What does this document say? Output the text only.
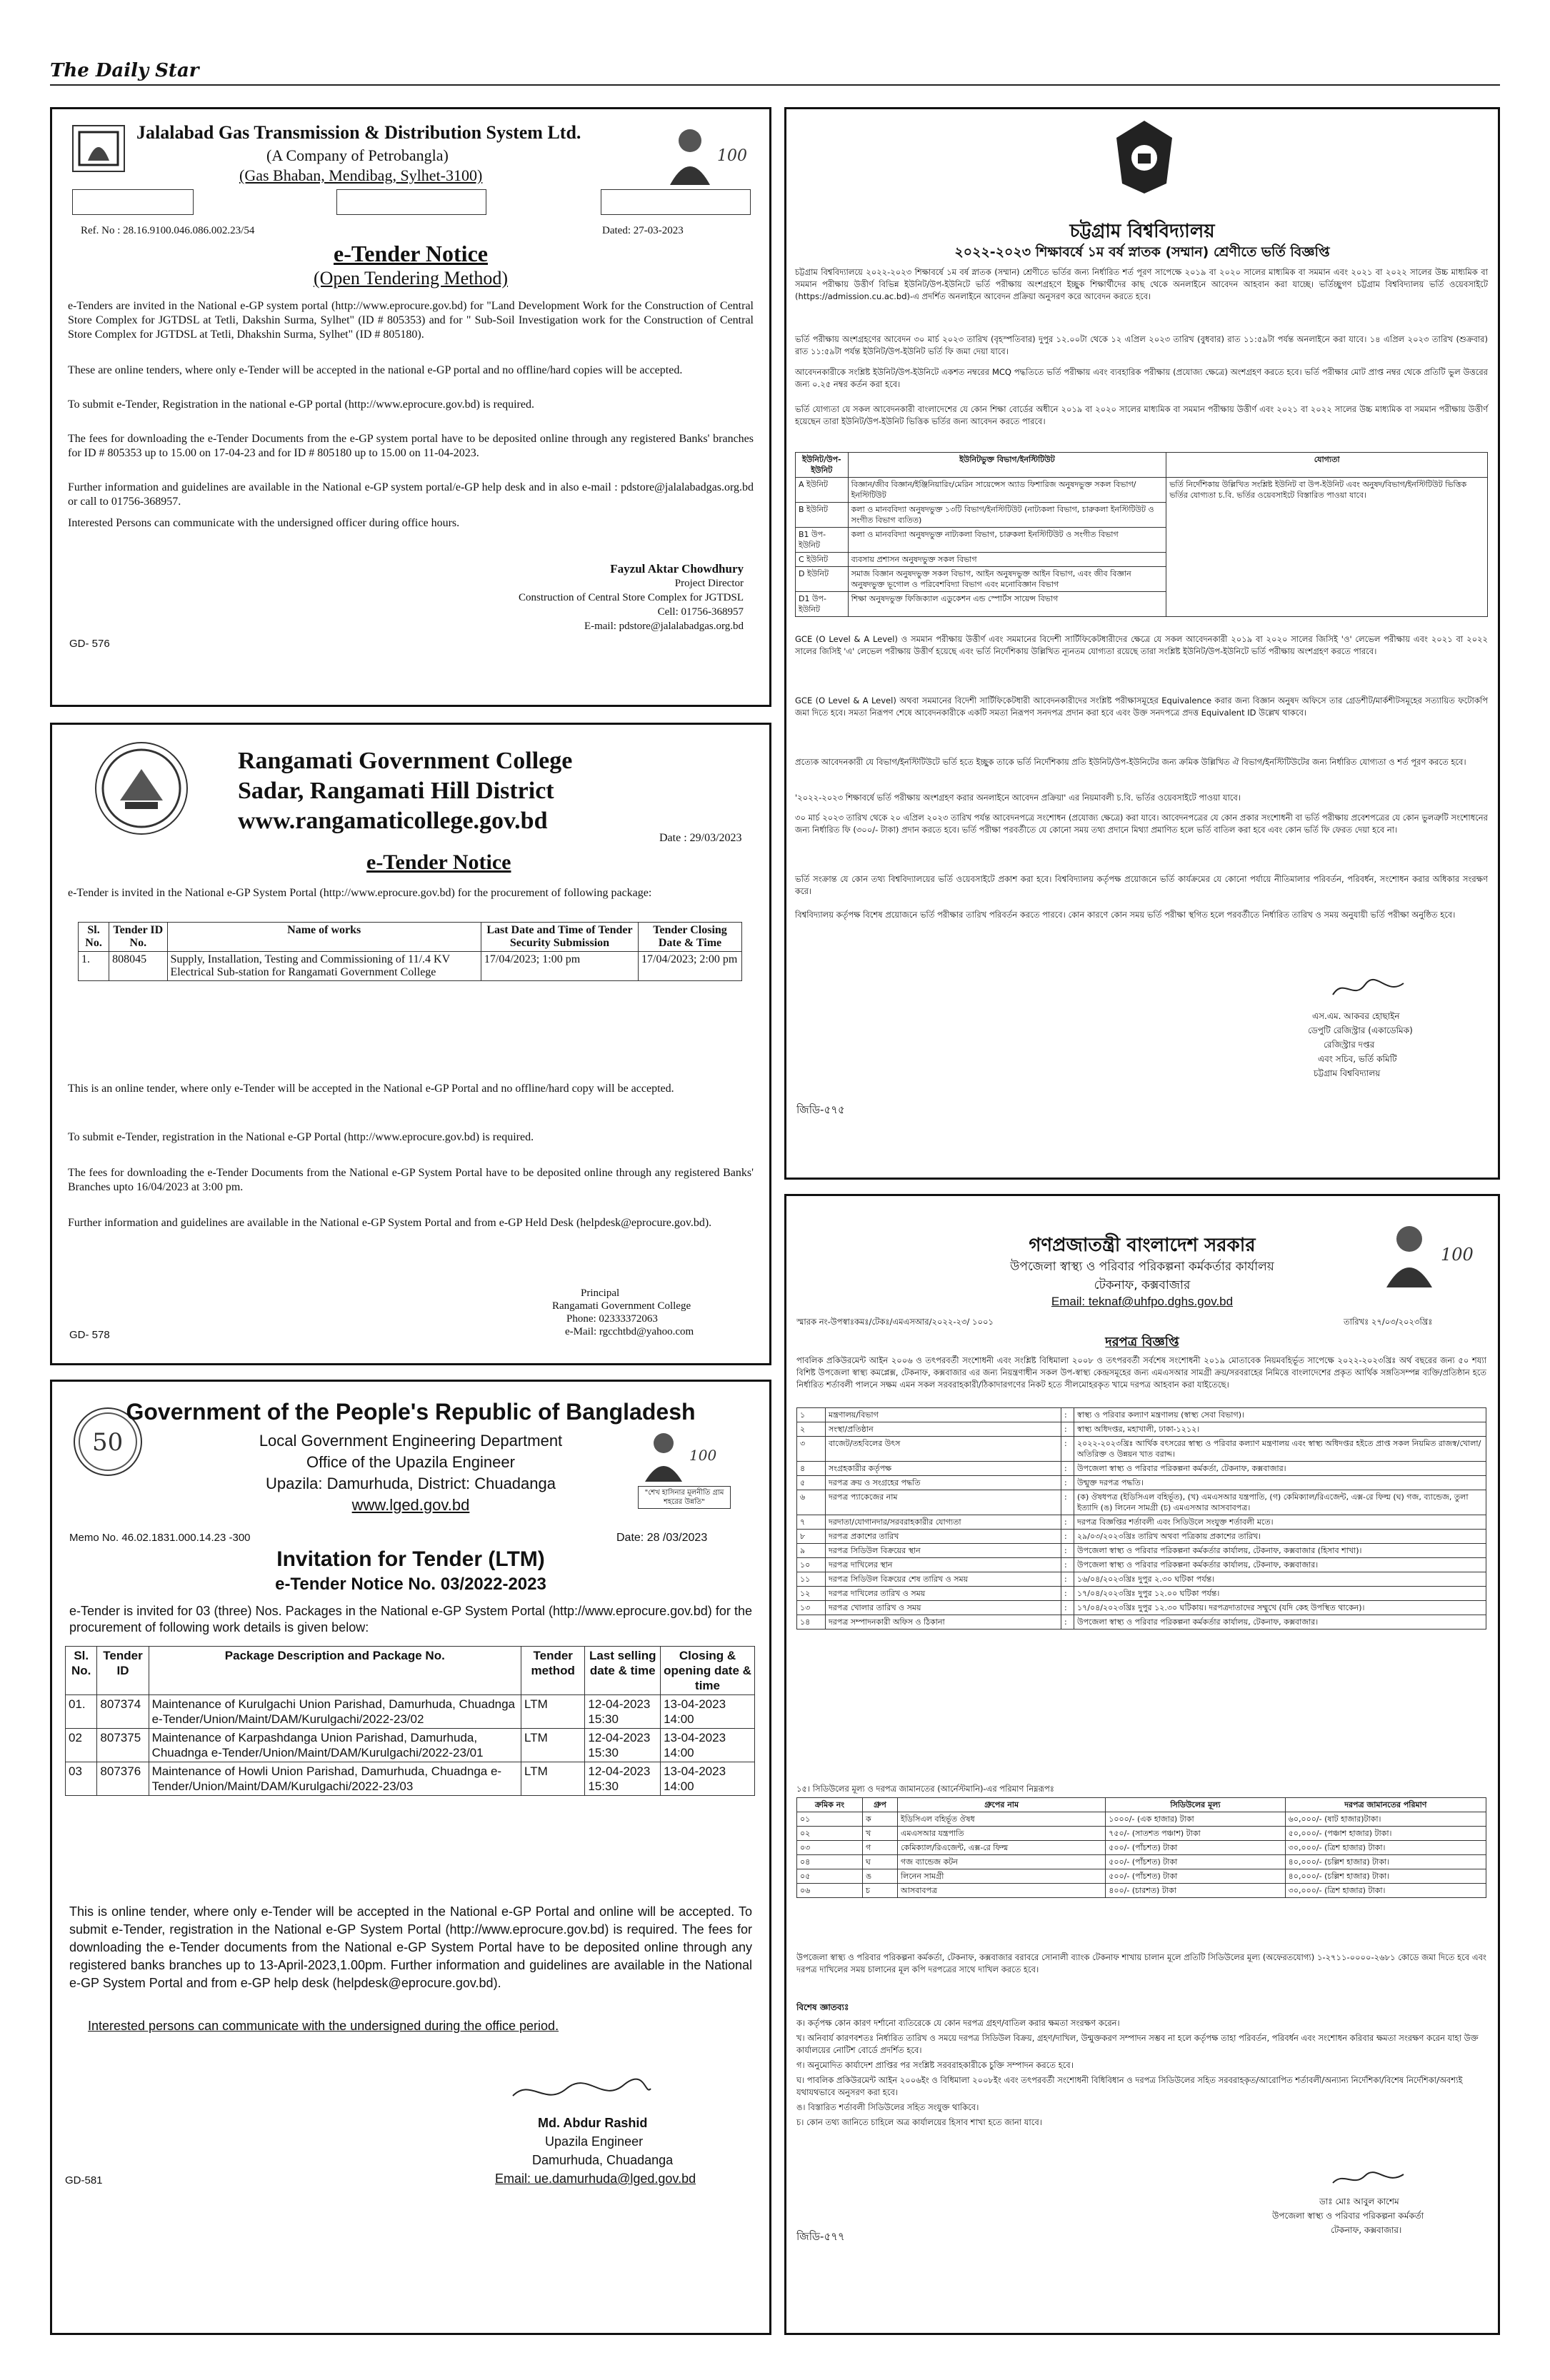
The Daily Star
Jalalabad Gas Transmission & Distribution System Ltd.
(A Company of Petrobangla)
(Gas Bhaban, Mendibag, Sylhet-3100)
100
Ref. No : 28.16.9100.046.086.002.23/54	Dated: 27-03-2023
e-Tender Notice
(Open Tendering Method)

e-Tenders are invited in the National e-GP system portal (http://www.eprocure.gov.bd) for "Land Development Work for the Construction of Central Store Complex for JGTDSL at Tetli, Dakshin Surma, Sylhet" (ID # 805353) and for " Sub-Soil Investigation work for the Construction of Central Store Complex for JGTDSL at Tetli, Dhakshin Surma, Sylhet" (ID # 805180).

These are online tenders, where only e-Tender will be accepted in the national e-GP portal and no offline/hard copies will be accepted.

To submit e-Tender, Registration in the national e-GP portal (http://www.eprocure.gov.bd) is required.

The fees for downloading the e-Tender Documents from the e-GP system portal have to be deposited online through any registered Banks' branches for ID # 805353 up to 15.00 on 17-04-23 and for ID # 805180 up to 15.00 on 11-04-2023.

Further information and guidelines are available in the National e-GP system portal/e-GP help desk and in also e-mail : pdstore@jalalabadgas.org.bd or call to 01756-368957.

Interested Persons can communicate with the undersigned officer during office hours.

Fayzul Aktar Chowdhury
Project Director
Construction of Central Store Complex for JGTDSL
Cell: 01756-368957
E-mail: pdstore@jalalabadgas.org.bd
GD- 576
Rangamati Government College
Sadar, Rangamati Hill District
www.rangamaticollege.gov.bd
Date : 29/03/2023
e-Tender Notice

e-Tender is invited in the National e-GP System Portal (http://www.eprocure.gov.bd) for the procurement of following package:

Sl. No.	Tender ID No.	Name of works	Last Date and Time of Tender Security Submission	Tender Closing Date & Time
1.	808045	Supply, Installation, Testing and Commissioning of 11/.4 KV Electrical Sub-station for Rangamati Government College	17/04/2023; 1:00 pm	17/04/2023; 2:00 pm

This is an online tender, where only e-Tender will be accepted in the National e-GP Portal and no offline/hard copy will be accepted.

To submit e-Tender, registration in the National e-GP Portal (http://www.eprocure.gov.bd) is required.

The fees for downloading the e-Tender Documents from the National e-GP System Portal have to be deposited online through any registered Banks' Branches upto 16/04/2023 at 3:00 pm.

Further information and guidelines are available in the National e-GP System Portal and from e-GP Held Desk (helpdesk@eprocure.gov.bd).

Principal
Rangamati Government College
Phone: 02333372063
e-Mail: rgcchtbd@yahoo.com
GD- 578
50
Government of the People's Republic of Bangladesh
Local Government Engineering Department
Office of the Upazila Engineer
Upazila: Damurhuda, District: Chuadanga
www.lged.gov.bd
100
"শেখ হাসিনার মূলনীতি গ্রাম শহরের উন্নতি"
Memo No. 46.02.1831.000.14.23 -300	Date: 28 /03/2023
Invitation for Tender (LTM)
e-Tender Notice No. 03/2022-2023

e-Tender is invited for 03 (three) Nos. Packages in the National e-GP System Portal (http://www.eprocure.gov.bd) for the procurement of following work details is given below:

Sl. No.	Tender ID	Package Description and Package No.	Tender method	Last selling date & time	Closing & opening date & time
01.	807374	Maintenance of Kurulgachi Union Parishad, Damurhuda, Chuadnga e-Tender/Union/Maint/DAM/Kurulgachi/2022-23/02	LTM	12-04-2023 15:30	13-04-2023 14:00
02	807375	Maintenance of Karpashdanga Union Parishad, Damurhuda, Chuadnga e-Tender/Union/Maint/DAM/Kurulgachi/2022-23/01	LTM	12-04-2023 15:30	13-04-2023 14:00
03	807376	Maintenance of Howli Union Parishad, Damurhuda, Chuadnga e-Tender/Union/Maint/DAM/Kurulgachi/2022-23/03	LTM	12-04-2023 15:30	13-04-2023 14:00

This is online tender, where only e-Tender will be accepted in the National e-GP Portal and online will be accepted. To submit e-Tender, registration in the National e-GP System Portal (http://www.eprocure.gov.bd) is required. The fees for downloading the e-Tender documents from the National e-GP System Portal have to be deposited online through any registered banks branches up to 13-April-2023,1.00pm. Further information and guidelines are available in the National e-GP System Portal and from e-GP help desk (helpdesk@eprocure.gov.bd).

Interested persons can communicate with the undersigned during the office period.
Md. Abdur Rashid
Upazila Engineer
Damurhuda, Chuadanga
Email: ue.damurhuda@lged.gov.bd
GD-581
চট্টগ্রাম বিশ্ববিদ্যালয়
২০২২-২০২৩ শিক্ষাবর্ষে ১ম বর্ষ স্নাতক (সম্মান) শ্রেণীতে ভর্তি বিজ্ঞপ্তি

চট্টগ্রাম বিশ্ববিদ্যালয়ে ২০২২-২০২৩ শিক্ষাবর্ষে ১ম বর্ষ স্নাতক (সম্মান) শ্রেণীতে ভর্তির জন্য নির্ধারিত শর্ত পূরণ সাপেক্ষে ২০১৯ বা ২০২০ সালের মাধ্যমিক বা সমমান এবং ২০২১ বা ২০২২ সালের উচ্চ মাধ্যমিক বা সমমান পরীক্ষায় উত্তীর্ণ বিভিন্ন ইউনিট/উপ-ইউনিটে ভর্তি পরীক্ষায় অংশগ্রহণে ইচ্ছুক শিক্ষার্থীদের কাছ থেকে অনলাইনে আবেদন আহবান করা যাচ্ছে। ভর্তিচ্ছুগণ চট্টগ্রাম বিশ্ববিদ্যালয় ভর্তি ওয়েবসাইটে (https://admission.cu.ac.bd)-এ প্রদর্শিত অনলাইনে আবেদন প্রক্রিয়া অনুসরণ করে আবেদন করতে হবে।

ভর্তি পরীক্ষায় অংশগ্রহণের আবেদন ৩০ মার্চ ২০২৩ তারিখ (বৃহস্পতিবার) দুপুর ১২.০০টা থেকে ১২ এপ্রিল ২০২৩ তারিখ (বুধবার) রাত ১১:৫৯টা পর্যন্ত অনলাইনে করা যাবে। ১৪ এপ্রিল ২০২৩ তারিখ (শুক্রবার) রাত ১১:৫৯টা পর্যন্ত ইউনিট/উপ-ইউনিট ভর্তি ফি জমা দেয়া যাবে।

আবেদনকারীকে সংশ্লিষ্ট ইউনিট/উপ-ইউনিটে একশত নম্বরের MCQ পদ্ধতিতে ভর্তি পরীক্ষায় এবং ব্যবহারিক পরীক্ষায় (প্রযোজ্য ক্ষেত্রে) অংশগ্রহণ করতে হবে। ভর্তি পরীক্ষার মোট প্রাপ্ত নম্বর থেকে প্রতিটি ভুল উত্তরের জন্য ০.২৫ নম্বর কর্তন করা হবে।

ভর্তি যোগ্যতা যে সকল আবেদনকারী বাংলাদেশের যে কোন শিক্ষা বোর্ডের অধীনে ২০১৯ বা ২০২০ সালের মাধ্যমিক বা সমমান পরীক্ষায় উত্তীর্ণ এবং ২০২১ বা ২০২২ সালের উচ্চ মাধ্যমিক বা সমমান পরীক্ষায় উত্তীর্ণ হয়েছেন তারা ইউনিট/উপ-ইউনিট ভিত্তিক ভর্তির জন্য আবেদন করতে পারবে।

ইউনিট/উপ-ইউনিট	ইউনিটভুক্ত বিভাগ/ইনস্টিটিউট	যোগ্যতা
A ইউনিট	বিজ্ঞান/জীব বিজ্ঞান/ইঞ্জিনিয়ারিং/মেরিন সায়েন্সেস অ্যাড ফিশারিজ অনুষদভুক্ত সকল বিভাগ/ইনস্টিটিউট	ভর্তি নির্দেশিকায় উল্লিখিত সংশ্লিষ্ট ইউনিট বা উপ-ইউনিট এবং অনুষদ/বিভাগ/ইনস্টিটিউট ভিত্তিক ভর্তির যোগ্যতা চ.বি. ভর্তির ওয়েবসাইটে বিস্তারিত পাওয়া যাবে।
B ইউনিট	কলা ও মানববিদ্যা অনুষদভুক্ত ১৩টি বিভাগ/ইনস্টিটিউট (নাট্যকলা বিভাগ, চারুকলা ইনস্টিটিউট ও সংগীত বিভাগ ব্যতিত)	
B1 উপ-ইউনিট	কলা ও মানববিদ্যা অনুষদভুক্ত নাট্যকলা বিভাগ, চারুকলা ইনস্টিটিউট ও সংগীত বিভাগ	
C ইউনিট	ব্যবসায় প্রশাসন অনুষদভুক্ত সকল বিভাগ	
D ইউনিট	সমাজ বিজ্ঞান অনুষদভুক্ত সকল বিভাগ, আইন অনুষদভুক্ত আইন বিভাগ, এবং জীব বিজ্ঞান অনুষদভুক্ত ভূগোল ও পরিবেশবিদ্যা বিভাগ এবং মনোবিজ্ঞান বিভাগ	
D1 উপ-ইউনিট	শিক্ষা অনুষদভুক্ত ফিজিক্যাল এডুকেশন এন্ড স্পোর্টস সায়েন্স বিভাগ	

GCE (O Level & A Level) ও সমমান পরীক্ষায় উত্তীর্ণ এবং সমমানের বিদেশী সার্টিফিকেটধারীদের ক্ষেত্রে যে সকল আবেদনকারী ২০১৯ বা ২০২০ সালের জিসিই 'ও' লেভেল পরীক্ষায় এবং ২০২১ বা ২০২২ সালের জিসিই 'এ' লেভেল পরীক্ষায় উত্তীর্ণ হয়েছে এবং ভর্তি নির্দেশিকায় উল্লিখিত ন্যূনতম যোগ্যতা রয়েছে তারা সংশ্লিষ্ট ইউনিট/উপ-ইউনিটে ভর্তি পরীক্ষায় অংশগ্রহণ করতে পারবে।

GCE (O Level & A Level) অথবা সমমানের বিদেশী সার্টিফিকেটধারী আবেদনকারীদের সংশ্লিষ্ট পরীক্ষাসমূহের Equivalence করার জন্য বিজ্ঞান অনুষদ অফিসে তার গ্রেডশীট/মার্কশীটসমূহের সত্যায়িত ফটোকপি জমা দিতে হবে। সমতা নিরূপণ শেষে আবেদনকারীকে একটি সমতা নিরূপণ সনদপত্র প্রদান করা হবে এবং উক্ত সনদপত্রে প্রদত্ত Equivalent ID উল্লেখ থাকবে।

প্রত্যেক আবেদনকারী যে বিভাগ/ইনস্টিটিউটে ভর্তি হতে ইচ্ছুক তাকে ভর্তি নির্দেশিকায় প্রতি ইউনিট/উপ-ইউনিটের জন্য ক্রমিক উল্লিখিত ঐ বিভাগ/ইনস্টিটিউটের জন্য নির্ধারিত যোগ্যতা ও শর্ত পূরণ করতে হবে।

'২০২২-২০২৩ শিক্ষাবর্ষে ভর্তি পরীক্ষায় অংশগ্রহণ করার অনলাইনে আবেদন প্রক্রিয়া' এর নিয়মাবলী চ.বি. ভর্তির ওয়েবসাইটে পাওয়া যাবে।

৩০ মার্চ ২০২৩ তারিখ থেকে ২০ এপ্রিল ২০২৩ তারিখ পর্যন্ত আবেদনপত্রে সংশোধন (প্রযোজ্য ক্ষেত্রে) করা যাবে। আবেদনপত্রের যে কোন প্রকার সংশোধনী বা ভর্তি পরীক্ষায় প্রবেশপত্রের যে কোন ভুলত্রুটি সংশোধনের জন্য নির্ধারিত ফি (৩০০/- টাকা) প্রদান করতে হবে। ভর্তি পরীক্ষা পরবর্তীতে যে কোনো সময় তথ্য প্রদানে মিথ্যা প্রমাণিত হলে ভর্তি বাতিল করা হবে এবং কোন ভর্তি ফি ফেরত দেয়া হবে না।

ভর্তি সংক্রান্ত যে কোন তথ্য বিশ্ববিদ্যালয়ের ভর্তি ওয়েবসাইটে প্রকাশ করা হবে। বিশ্ববিদ্যালয় কর্তৃপক্ষ প্রয়োজনে ভর্তি কার্যক্রমের যে কোনো পর্যায়ে নীতিমালার পরিবর্তন, পরিবর্ধন, সংশোধন করার অধিকার সংরক্ষণ করে।

বিশ্ববিদ্যালয় কর্তৃপক্ষ বিশেষ প্রয়োজনে ভর্তি পরীক্ষার তারিখ পরিবর্তন করতে পারবে। কোন কারণে কোন সময় ভর্তি পরীক্ষা স্থগিত হলে পরবর্তীতে নির্ধারিত তারিখ ও সময় অনুযায়ী ভর্তি পরীক্ষা অনুষ্ঠিত হবে।

এস.এম. আকবর হোছাইন
ডেপুটি রেজিস্ট্রার (একাডেমিক)
রেজিস্ট্রার দপ্তর
এবং সচিব, ভর্তি কমিটি
চট্টগ্রাম বিশ্ববিদ্যালয়
জিডি-৫৭৫
গণপ্রজাতন্ত্রী বাংলাদেশ সরকার
উপজেলা স্বাস্থ্য ও পরিবার পরিকল্পনা কর্মকর্তার কার্যালয়
টেকনাফ, কক্সবাজার
Email: teknaf@uhfpo.dghs.gov.bd
100
স্মারক নং-উপস্বাঃকমঃ/টেকঃ/এমএসআর/২০২২-২৩/ ১০০১	তারিখঃ ২৭/০৩/২০২৩খ্রিঃ
দরপত্র বিজ্ঞপ্তি

পাবলিক প্রকিউরমেন্ট আইন ২০০৬ ও তৎপরবর্তী সংশোধনী এবং সংশ্লিষ্ট বিধিমালা ২০০৮ ও তৎপরবর্তী সর্বশেষ সংশোধনী ২০১৯ মোতাবেক নিয়মবহির্ভূত সাপেক্ষে ২০২২-২০২৩খ্রিঃ অর্থ বছরের জন্য ৫০ শয্যা বিশিষ্ট উপজেলা স্বাস্থ্য কমপ্লেক্স, টেকনাফ, কক্সবাজার এর জন্য নিয়ন্ত্রণাধীন সকল উপ-স্বাস্থ্য কেন্দ্রসমূহের জন্য এমএসআর সামগ্রী ক্রয়/সরবরাহের নিমিত্তে বাংলাদেশের প্রকৃত আর্থিক সঙ্গতিসম্পন্ন ব্যক্তি/প্রতিষ্ঠান হতে নির্ধারিত শর্তাবলী পালনে সক্ষম এমন সকল সরবরাহকারী/ঠিকাদারগণের নিকট হতে সীলমোহরকৃত খামে দরপত্র আহবান করা যাইতেছে।

১	মন্ত্রণালয়/বিভাগ	:	স্বাস্থ্য ও পরিবার কল্যাণ মন্ত্রণালয় (স্বাস্থ্য সেবা বিভাগ)।
২	সংস্থা/প্রতিষ্ঠান	:	স্বাস্থ্য অধিদপ্তর, মহাখালী, ঢাকা-১২১২।
৩	বাজেট/তহবিলের উৎস	:	২০২২-২০২৩খ্রিঃ আর্থিক বৎসরের স্বাস্থ্য ও পরিবার কল্যাণ মন্ত্রণালয় এবং স্বাস্থ্য অধিদপ্তর হইতে প্রাপ্ত সকল নিয়মিত রাজস্ব/খোলা/ অতিরিক্ত ও উন্নয়ন খাত বরাদ্দ।
৪	সংগ্রহকারীর কর্তৃপক্ষ	:	উপজেলা স্বাস্থ্য ও পরিবার পরিকল্পনা কর্মকর্তা, টেকনাফ, কক্সবাজার।
৫	দরপত্র ক্রয় ও সংগ্রহের পদ্ধতি	:	উন্মুক্ত দরপত্র পদ্ধতি।
৬	দরপত্র প্যাকেজের নাম	:	(ক) ঔষধপত্র (ইডিসিএল বহির্ভূত), (খ) এমএসআর যন্ত্রপাতি, (গ) কেমিক্যাল/রিএজেন্ট, এক্স-রে ফিল্ম (ঘ) গজ, ব্যান্ডেজ, তুলা ইত্যাদি (ঙ) লিনেন সামগ্রী (চ) এমএসআর আসবাবপত্র।
৭	দরদাতা/যোগানদার/সরবরাহকারীর যোগ্যতা	:	দরপত্র বিজ্ঞপ্তির শর্তাবলী এবং সিডিউলে সংযুক্ত শর্তাবলী মতে।
৮	দরপত্র প্রকাশের তারিখ	:	২৯/০৩/২০২৩খ্রিঃ তারিখ অথবা পত্রিকায় প্রকাশের তারিখ।
৯	দরপত্র সিডিউল বিক্রয়ের স্থান	:	উপজেলা স্বাস্থ্য ও পরিবার পরিকল্পনা কর্মকর্তার কার্যালয়, টেকনাফ, কক্সবাজার (হিসাব শাখা)।
১০	দরপত্র দাখিলের স্থান	:	উপজেলা স্বাস্থ্য ও পরিবার পরিকল্পনা কর্মকর্তার কার্যালয়, টেকনাফ, কক্সবাজার।
১১	দরপত্র সিডিউল বিক্রয়ের শেষ তারিখ ও সময়	:	১৬/০৪/২০২৩খ্রিঃ দুপুর ২.৩০ ঘটিকা পর্যন্ত।
১২	দরপত্র দাখিলের তারিখ ও সময়	:	১৭/০৪/২০২৩খ্রিঃ দুপুর ১২.০০ ঘটিকা পর্যন্ত।
১৩	দরপত্র খোলার তারিখ ও সময়	:	১৭/০৪/২০২৩খ্রিঃ দুপুর ১২.৩০ ঘটিকায়। দরপত্রদাতাদের সম্মুখে (যদি কেহ উপস্থিত থাকেন)।
১৪	দরপত্র সম্পাদনকারী অফিস ও ঠিকানা	:	উপজেলা স্বাস্থ্য ও পরিবার পরিকল্পনা কর্মকর্তার কার্যালয়, টেকনাফ, কক্সবাজার।
১৫। সিডিউলের মূল্য ও দরপত্র জামানতের (আর্নেস্টমানি)-এর পরিমাণ নিম্নরূপঃ
ক্রমিক নং	গ্রুপ	গ্রুপের নাম	সিডিউলের মূল্য	দরপত্র জামানতের পরিমাণ
০১	ক	ইডিসিএল বহির্ভূত ঔষধ	১০০০/- (এক হাজার) টাকা	৬০,০০০/- (ষাট হাজার)টাকা।
০২	খ	এমএসআর যন্ত্রপাতি	৭৫০/- (সাতশত পঞ্চাশ) টাকা	৫০,০০০/- (পঞ্চাশ হাজার) টাকা।
০৩	গ	কেমিক্যাল/রিএজেন্ট, এক্স-রে ফিল্ম	৫০০/- (পাঁচশত) টাকা	৩০,০০০/- (ত্রিশ হাজার) টাকা।
০৪	ঘ	গজ ব্যান্ডেজ কটন	৫০০/- (পাঁচশত) টাকা	৪০,০০০/- (চল্লিশ হাজার) টাকা।
০৫	ঙ	লিনেন সামগ্রী	৫০০/- (পাঁচশত) টাকা	৪০,০০০/- (চল্লিশ হাজার) টাকা।
০৬	চ	আসবাবপত্র	৪০০/- (চারশত) টাকা	৩০,০০০/- (ত্রিশ হাজার) টাকা।

উপজেলা স্বাস্থ্য ও পরিবার পরিকল্পনা কর্মকর্তা, টেকনাফ, কক্সবাজার বরাবরে সোনালী ব্যাংক টেকনাফ শাখায় চালান মূলে প্রতিটি সিডিউলের মূল্য (অফেরতযোগ্য) ১-২৭১১-০০০০-২৬৮১ কোডে জমা দিতে হবে এবং দরপত্র দাখিলের সময় চালানের মূল কপি দরপত্রের সাথে দাখিল করতে হবে।

বিশেষ জ্ঞাতব্যঃ
ক। কর্তৃপক্ষ কোন কারণ দর্শানো ব্যতিরেকে যে কোন দরপত্র গ্রহণ/বাতিল করার ক্ষমতা সংরক্ষণ করেন।
খ। অনিবার্য কারণবশতঃ নির্ধারিত তারিখ ও সময়ে দরপত্র সিডিউল বিক্রয়, গ্রহণ/দাখিল, উন্মুক্তকরণ সম্পাদন সম্ভব না হলে কর্তৃপক্ষ তাহা পরিবর্তন, পরিবর্ধন এবং সংশোধন করিবার ক্ষমতা সংরক্ষণ করেন যাহা উক্ত কার্যালয়ের নোটিশ বোর্ডে প্রদর্শিত হবে।
গ। অনুমোদিত কার্যাদেশ প্রাপ্তির পর সংশ্লিষ্ট সরবরাহকারীকে চুক্তি সম্পাদন করতে হবে।
ঘ। পাবলিক প্রকিউরমেন্ট আইন ২০০৬ইং ও বিধিমালা ২০০৮ইং এবং তৎপরবর্তী সংশোধনী বিধিবিধান ও দরপত্র সিডিউলের সহিত সরবরাহকৃত/আরোপিত শর্তাবলী/অন্যান্য নির্দেশিকা/বিশেষ নির্দেশিকা/অবশ্যই যথাযথভাবে অনুসরণ করা হবে।
ঙ। বিস্তারিত শর্তাবলী সিডিউলের সহিত সংযুক্ত থাকিবে।
চ। কোন তথ্য জানিতে চাহিলে অত্র কার্যালয়ের হিসাব শাখা হতে জানা যাবে।
ডাঃ মোঃ আবুল কাশেম
উপজেলা স্বাস্থ্য ও পরিবার পরিকল্পনা কর্মকর্তা
টেকনাফ, কক্সবাজার।
জিডি-৫৭৭
